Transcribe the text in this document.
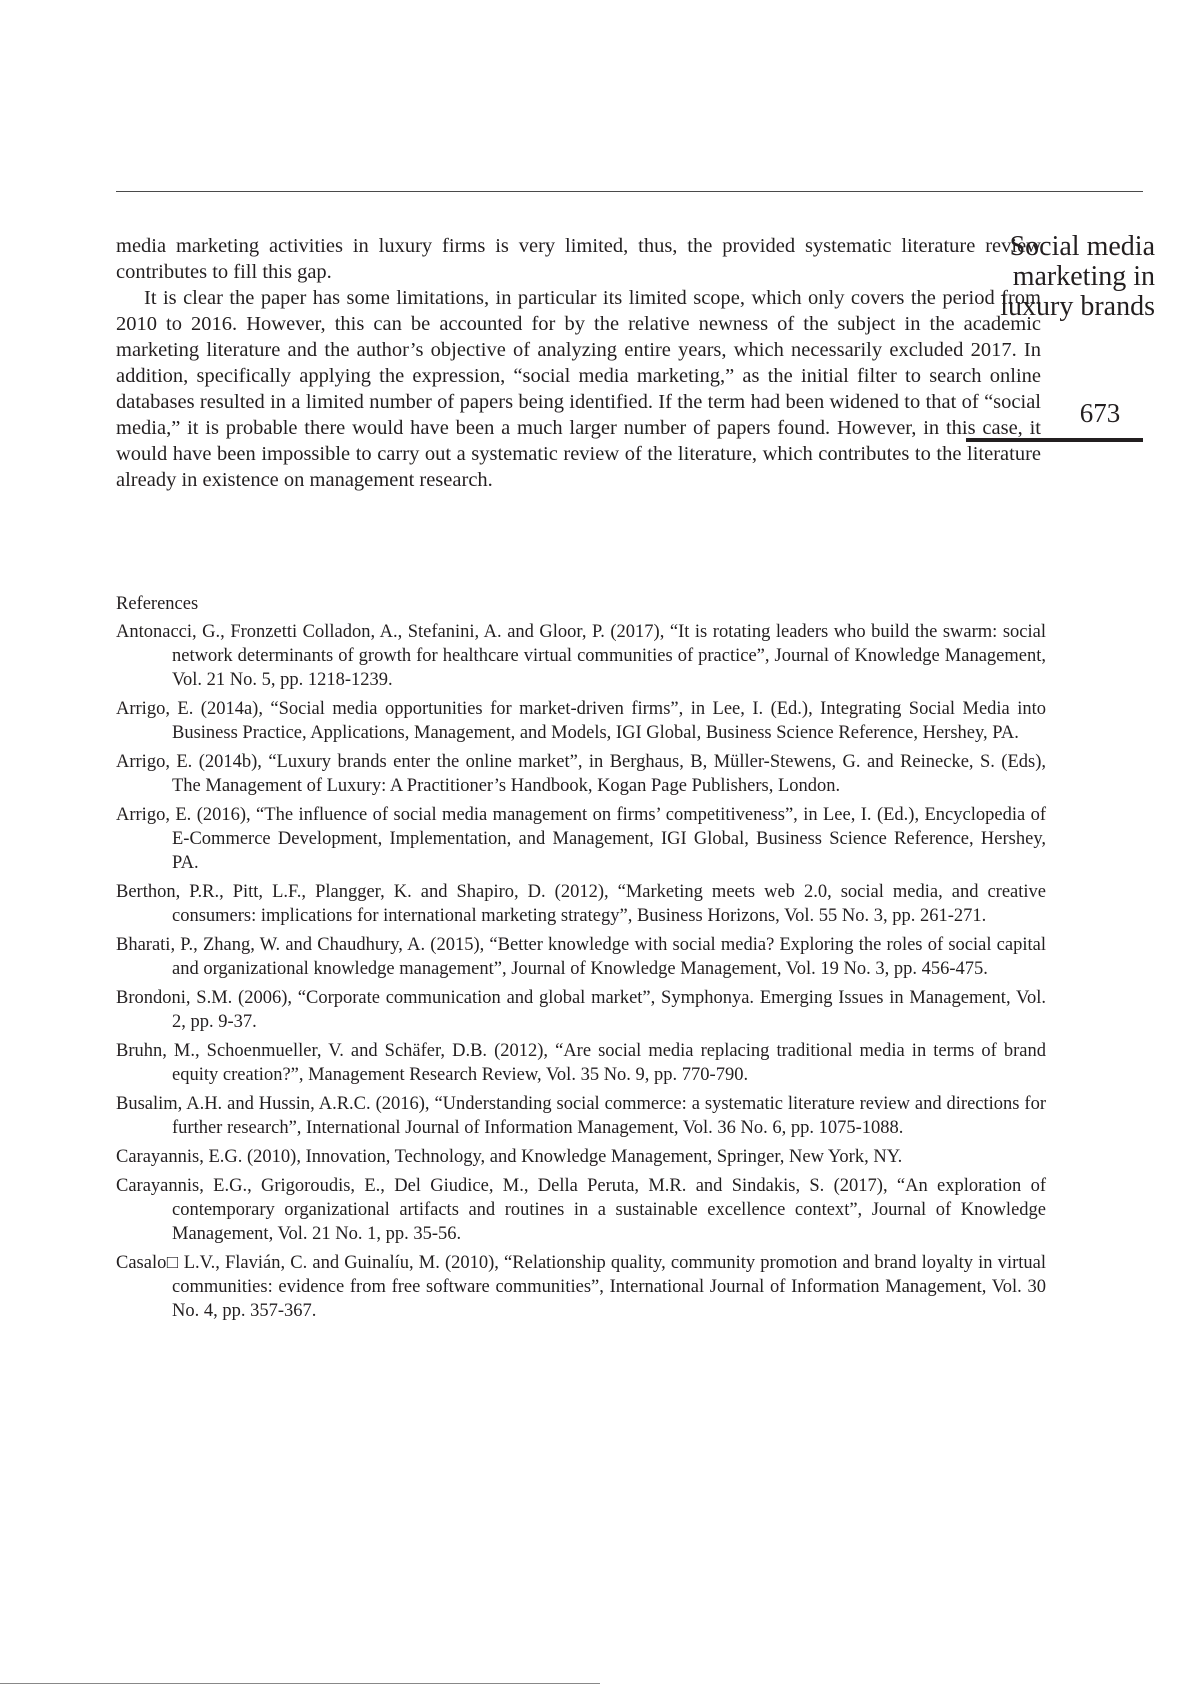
Social media
marketing in
luxury brands
673

media marketing activities in luxury firms is very limited, thus, the provided systematic literature review contributes to fill this gap.

It is clear the paper has some limitations, in particular its limited scope, which only covers the period from 2010 to 2016. However, this can be accounted for by the relative newness of the subject in the academic marketing literature and the author’s objective of analyzing entire years, which necessarily excluded 2017. In addition, specifically applying the expression, “social media marketing,” as the initial filter to search online databases resulted in a limited number of papers being identified. If the term had been widened to that of “social media,” it is probable there would have been a much larger number of papers found. However, in this case, it would have been impossible to carry out a systematic review of the literature, which contributes to the literature already in existence on management research.

References
Antonacci, G., Fronzetti Colladon, A., Stefanini, A. and Gloor, P. (2017), “It is rotating leaders who build the swarm: social network determinants of growth for healthcare virtual communities of practice”, Journal of Knowledge Management, Vol. 21 No. 5, pp. 1218-1239.
Arrigo, E. (2014a), “Social media opportunities for market-driven firms”, in Lee, I. (Ed.), Integrating Social Media into Business Practice, Applications, Management, and Models, IGI Global, Business Science Reference, Hershey, PA.
Arrigo, E. (2014b), “Luxury brands enter the online market”, in Berghaus, B, Müller-Stewens, G. and Reinecke, S. (Eds), The Management of Luxury: A Practitioner’s Handbook, Kogan Page Publishers, London.
Arrigo, E. (2016), “The influence of social media management on firms’ competitiveness”, in Lee, I. (Ed.), Encyclopedia of E-Commerce Development, Implementation, and Management, IGI Global, Business Science Reference, Hershey, PA.
Berthon, P.R., Pitt, L.F., Plangger, K. and Shapiro, D. (2012), “Marketing meets web 2.0, social media, and creative consumers: implications for international marketing strategy”, Business Horizons, Vol. 55 No. 3, pp. 261-271.
Bharati, P., Zhang, W. and Chaudhury, A. (2015), “Better knowledge with social media? Exploring the roles of social capital and organizational knowledge management”, Journal of Knowledge Management, Vol. 19 No. 3, pp. 456-475.
Brondoni, S.M. (2006), “Corporate communication and global market”, Symphonya. Emerging Issues in Management, Vol. 2, pp. 9-37.
Bruhn, M., Schoenmueller, V. and Schäfer, D.B. (2012), “Are social media replacing traditional media in terms of brand equity creation?”, Management Research Review, Vol. 35 No. 9, pp. 770-790.
Busalim, A.H. and Hussin, A.R.C. (2016), “Understanding social commerce: a systematic literature review and directions for further research”, International Journal of Information Management, Vol. 36 No. 6, pp. 1075-1088.
Carayannis, E.G. (2010), Innovation, Technology, and Knowledge Management, Springer, New York, NY.
Carayannis, E.G., Grigoroudis, E., Del Giudice, M., Della Peruta, M.R. and Sindakis, S. (2017), “An exploration of contemporary organizational artifacts and routines in a sustainable excellence context”, Journal of Knowledge Management, Vol. 21 No. 1, pp. 35-56.
Casalo□ L.V., Flavián, C. and Guinalíu, M. (2010), “Relationship quality, community promotion and brand loyalty in virtual communities: evidence from free software communities”, International Journal of Information Management, Vol. 30 No. 4, pp. 357-367.
